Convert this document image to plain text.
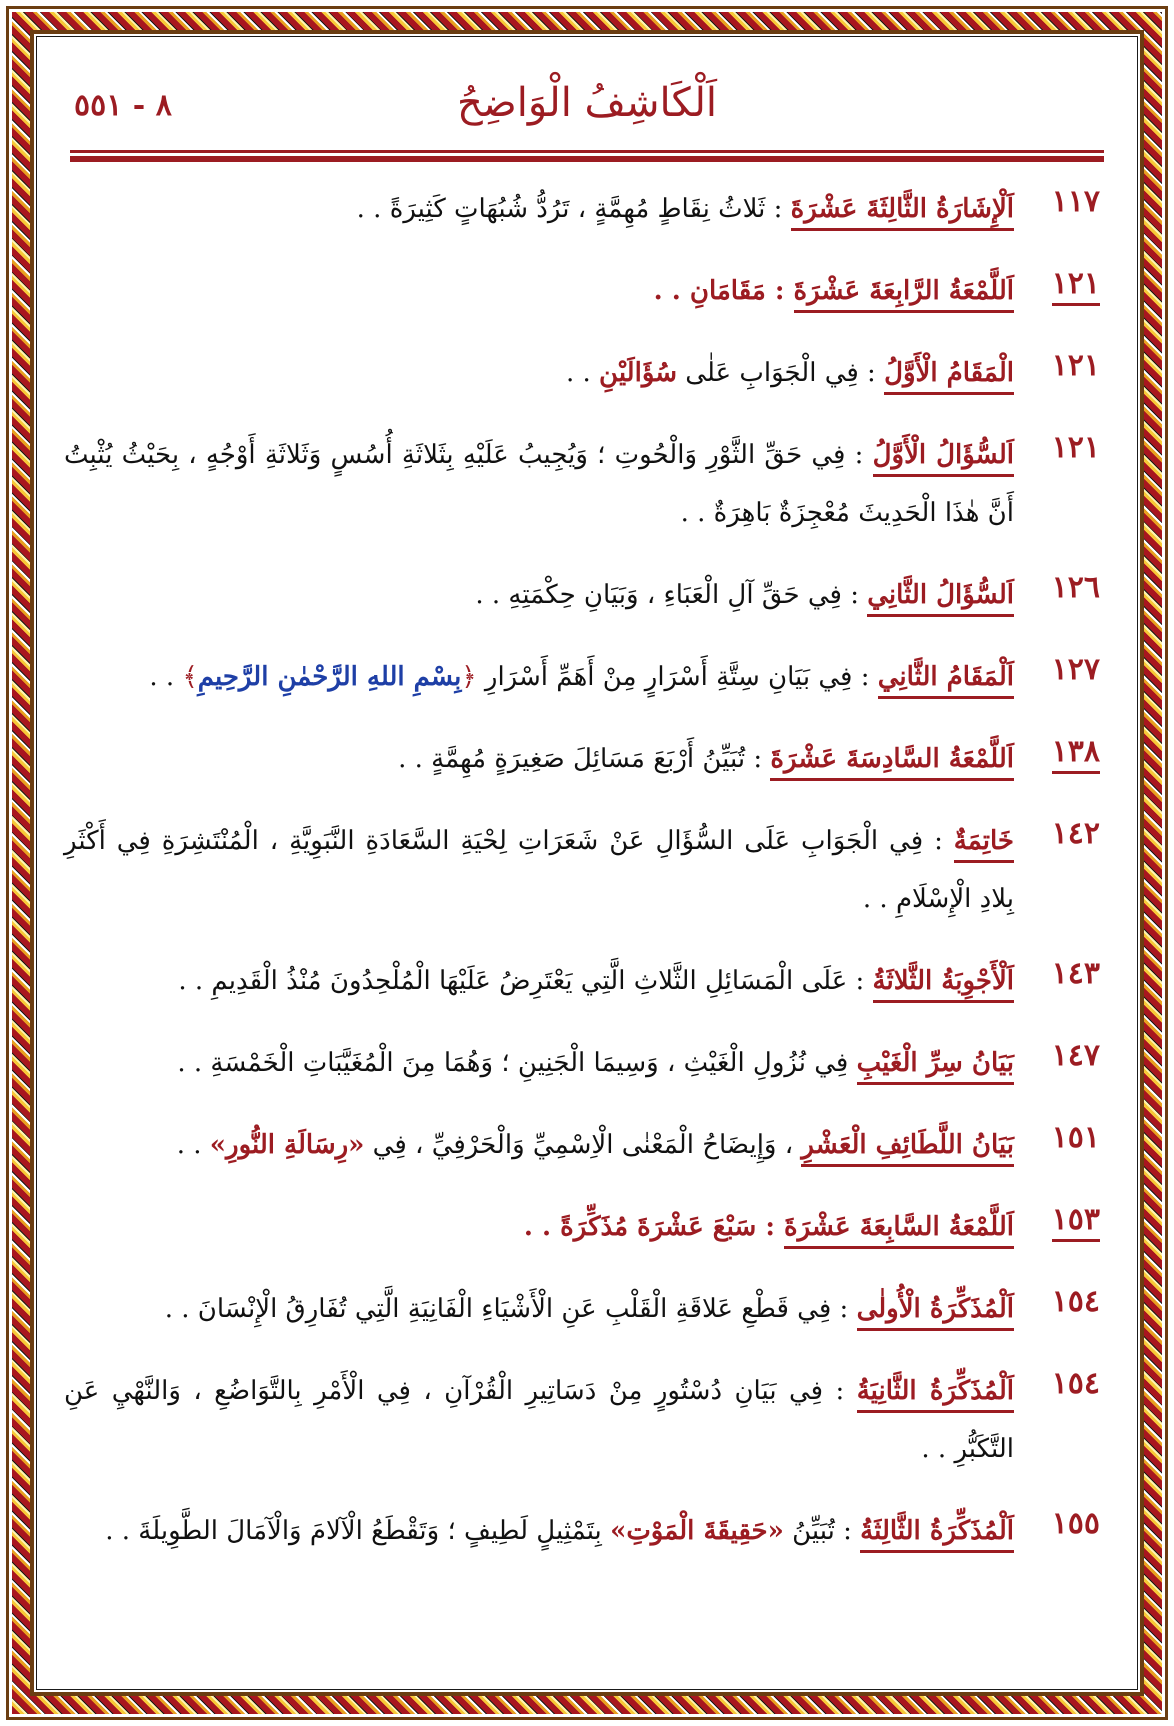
اَلْكَاشِفُ الْوَاضِحُ
٨ - ٥٥١
١١٧
اَلْإِشَارَةُ الثَّالِثَةَ عَشْرَةَ : ثَلاثُ نِقَاطٍ مُهِمَّةٍ ، تَرُدُّ شُبُهَاتٍ كَثِيرَةً . .
١٢١
اَللَّمْعَةُ الرَّابِعَةَ عَشْرَةَ : مَقَامَانِ . .
١٢١
الْمَقَامُ الْأَوَّلُ : فِي الْجَوَابِ عَلٰى سُؤَالَيْنِ . .
١٢١
اَلسُّؤَالُ الْأَوَّلُ : فِي حَقِّ الثَّوْرِ وَالْحُوتِ ؛ وَيُجِيبُ عَلَيْهِ بِثَلاثَةِ أُسُسٍ وَثَلاثَةِ أَوْجُهٍ ، بِحَيْثُ يُثْبِتُ أَنَّ هٰذَا الْحَدِيثَ مُعْجِزَةٌ بَاهِرَةٌ . .
١٢٦
اَلسُّؤَالُ الثَّانِي : فِي حَقِّ آلِ الْعَبَاءِ ، وَبَيَانِ حِكْمَتِهِ . .
١٢٧
اَلْمَقَامُ الثَّانِي : فِي بَيَانِ سِتَّةِ أَسْرَارٍ مِنْ أَهَمِّ أَسْرَارِ ﴿بِسْمِ اللهِ الرَّحْمٰنِ الرَّحِيمِ﴾ . .
١٣٨
اَللَّمْعَةُ السَّادِسَةَ عَشْرَةَ : تُبَيِّنُ أَرْبَعَ مَسَائِلَ صَغِيرَةٍ مُهِمَّةٍ . .
١٤٢
خَاتِمَةٌ : فِي الْجَوَابِ عَلَى السُّؤَالِ عَنْ شَعَرَاتِ لِحْيَةِ السَّعَادَةِ النَّبَوِيَّةِ ، الْمُنْتَشِرَةِ فِي أَكْثَرِ بِلادِ الْإِسْلَامِ . .
١٤٣
اَلْأَجْوِبَةُ الثَّلاثَةُ : عَلَى الْمَسَائِلِ الثَّلاثِ الَّتِي يَعْتَرِضُ عَلَيْهَا الْمُلْحِدُونَ مُنْذُ الْقَدِيمِ . .
١٤٧
بَيَانُ سِرِّ الْغَيْبِ فِي نُزُولِ الْغَيْثِ ، وَسِيمَا الْجَنِينِ ؛ وَهُمَا مِنَ الْمُغَيَّبَاتِ الْخَمْسَةِ . .
١٥١
بَيَانُ اللَّطَائِفِ الْعَشْرِ ، وَإِيضَاحُ الْمَعْنٰى الْاِسْمِيِّ وَالْحَرْفِيِّ ، فِي «رِسَالَةِ النُّورِ» . .
١٥٣
اَللَّمْعَةُ السَّابِعَةَ عَشْرَةَ : سَبْعَ عَشْرَةَ مُذَكِّرَةً . .
١٥٤
اَلْمُذَكِّرَةُ الْأُولٰى : فِي قَطْعِ عَلاقَةِ الْقَلْبِ عَنِ الْأَشْيَاءِ الْفَانِيَةِ الَّتِي تُفَارِقُ الْإِنْسَانَ . .
١٥٤
اَلْمُذَكِّرَةُ الثَّانِيَةُ : فِي بَيَانِ دُسْتُورٍ مِنْ دَسَاتِيرِ الْقُرْآنِ ، فِي الْأَمْرِ بِالتَّوَاضُعِ ، وَالنَّهْيِ عَنِ التَّكَبُّرِ . .
١٥٥
اَلْمُذَكِّرَةُ الثَّالِثَةُ : تُبَيِّنُ «حَقِيقَةَ الْمَوْتِ» بِتَمْثِيلٍ لَطِيفٍ ؛ وَتَقْطَعُ الْآلامَ وَالْآمَالَ الطَّوِيلَةَ . .
